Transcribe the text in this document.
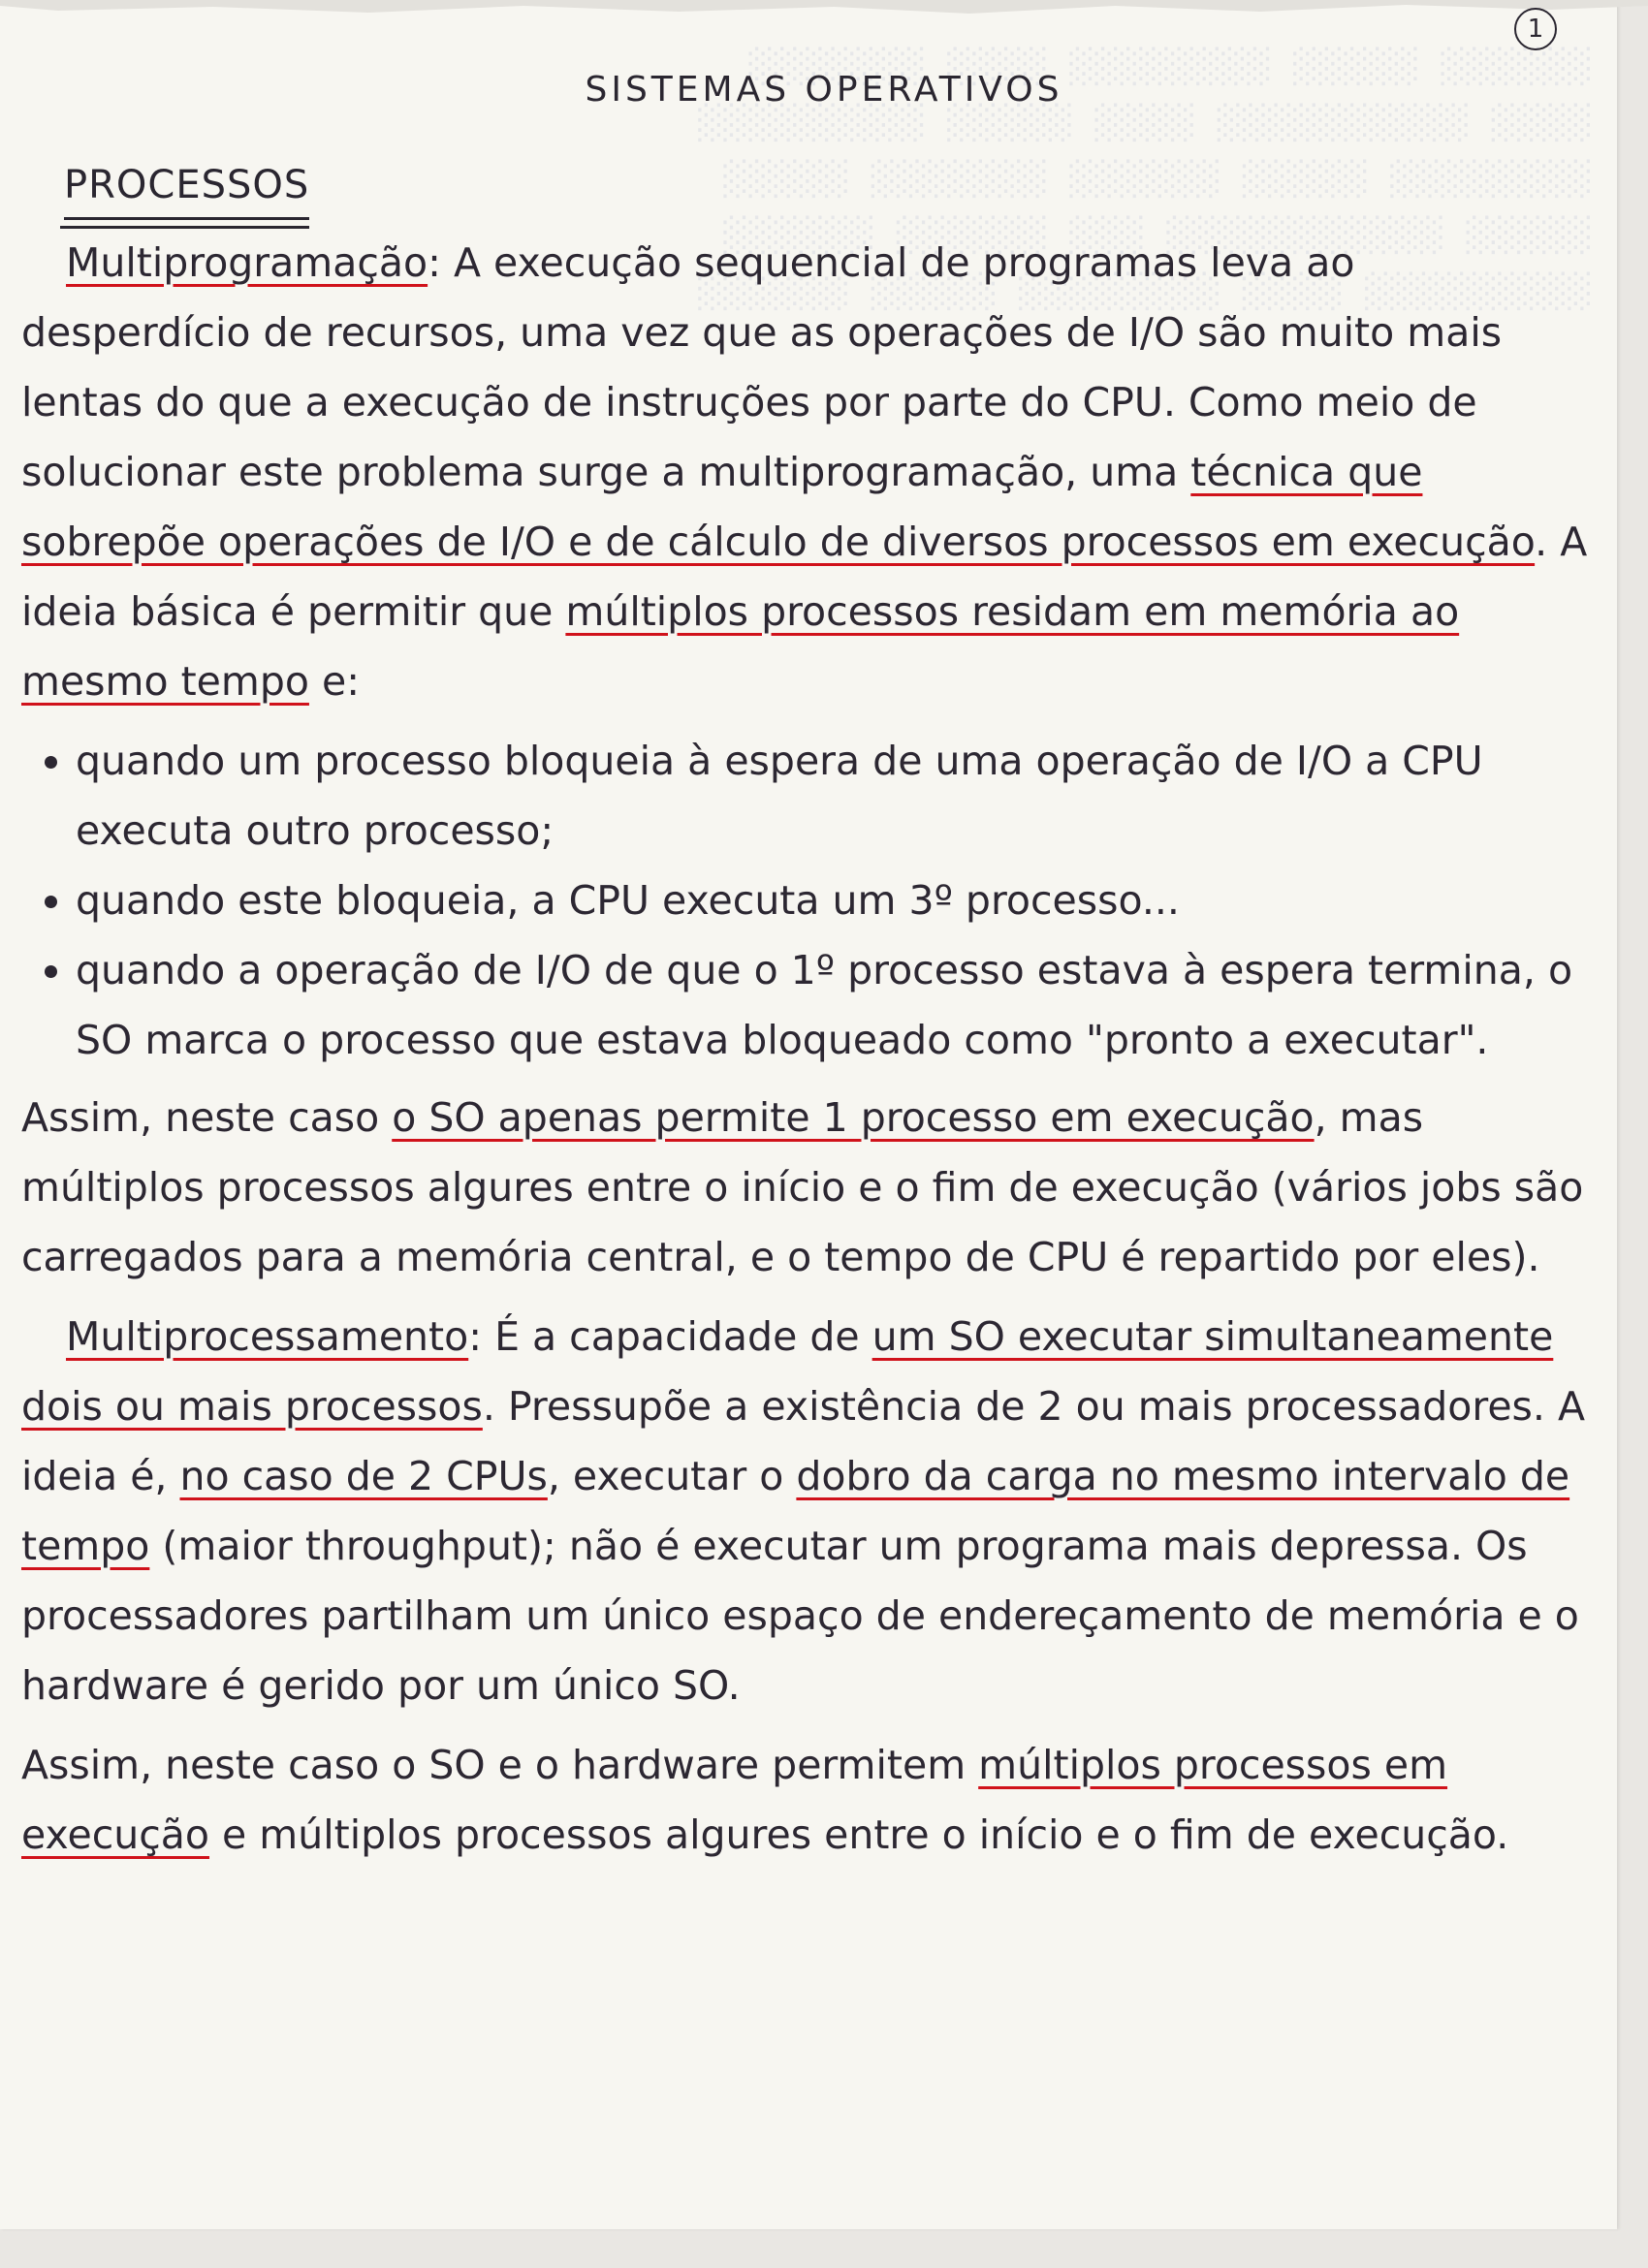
░░░░░░  ░░░░░  ░░░░░░░░  ░░░░  ░░░░░░░
░░░░  ░░░░░░░░░░  ░░░░  ░░░░░  ░░░░░░░░░
░░░░░░░░  ░░░░░  ░░░░░░  ░░░░░░░  ░░░░░
░░░░░  ░░░░░░░░░░░  ░░░  ░░░░░░  ░░░░░░
░░░░░░░░░  ░░░░  ░░░░░░░░  ░░░░░  ░░░░░░
1
SISTEMAS OPERATIVOS
PROCESSOS

Multiprogramação: A execução sequencial de programas leva ao desperdício de recursos, uma vez que as operações de I/O são muito mais lentas do que a execução de instruções por parte do CPU. Como meio de solucionar este problema surge a multiprogramação, uma técnica que sobrepõe operações de I/O e de cálculo de diversos processos em execução. A ideia básica é permitir que múltiplos processos residam em memória ao mesmo tempo e:

• quando um processo bloqueia à espera de uma operação de I/O a CPU executa outro processo;
• quando este bloqueia, a CPU executa um 3º processo...
• quando a operação de I/O de que o 1º processo estava à espera termina, o SO marca o processo que estava bloqueado como "pronto a executar".

Assim, neste caso o SO apenas permite 1 processo em execução, mas múltiplos processos algures entre o início e o fim de execução (vários jobs são carregados para a memória central, e o tempo de CPU é repartido por eles).

Multiprocessamento: É a capacidade de um SO executar simultaneamente dois ou mais processos. Pressupõe a existência de 2 ou mais processadores. A ideia é, no caso de 2 CPUs, executar o dobro da carga no mesmo intervalo de tempo (maior throughput); não é executar um programa mais depressa. Os processadores partilham um único espaço de endereçamento de memória e o hardware é gerido por um único SO.

Assim, neste caso o SO e o hardware permitem múltiplos processos em execução e múltiplos processos algures entre o início e o fim de execução.
